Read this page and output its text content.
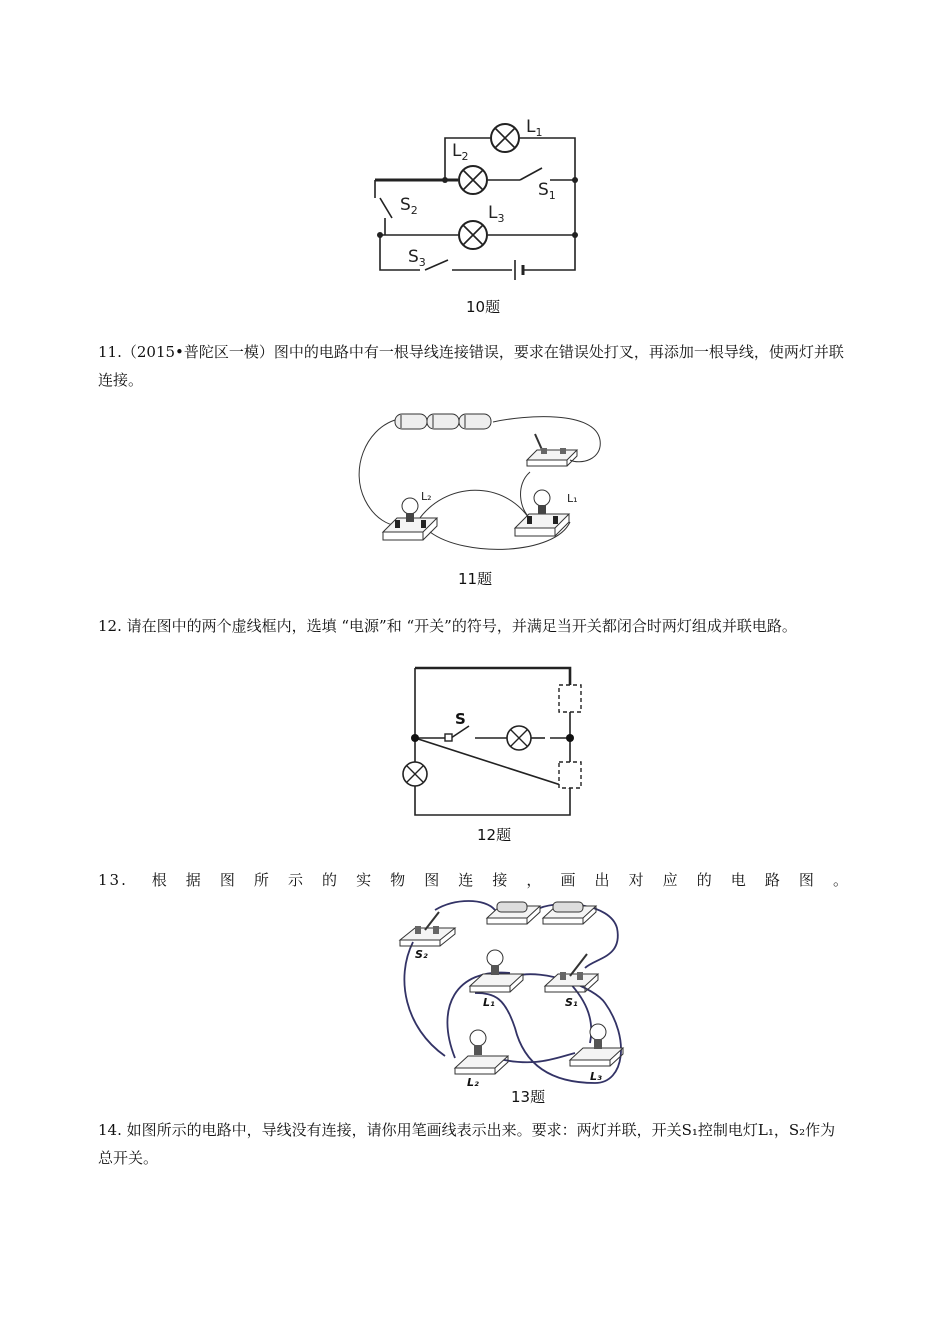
$L_1$
$L_2$
$L_3$
$S_1$
$S_2$
$S_3$
10题
11.（2015•普陀区一模）图中的电路中有一根导线连接错误，要求在错误处打叉，再添加一根导线，使两灯并联连接。
L₂	L₁
11题
12. 请在图中的两个虚线框内，选填 “电源”和 “开关”的符号，并满足当开关都闭合时两灯组成并联电路。
S
12题
13. 根据图所示的实物图连接，画出对应的电路图。
S₂
L₁	S₁
L₂	L₃
13题
14. 如图所示的电路中，导线没有连接，请你用笔画线表示出来。要求：两灯并联，开关S₁控制电灯L₁，S₂作为总开关。
